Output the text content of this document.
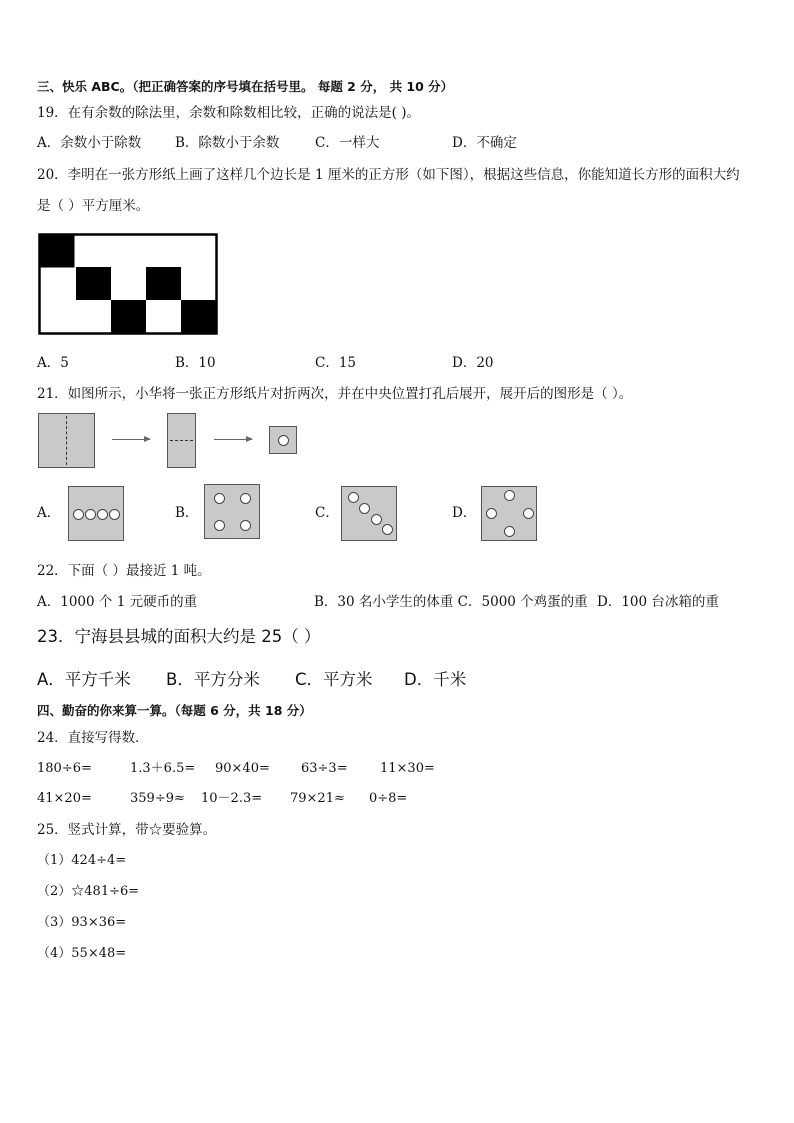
三、快乐 ABC。（把正确答案的序号填在括号里。 每题 2 分， 共 10 分）
19．在有余数的除法里，余数和除数相比较，正确的说法是( )。
A．余数小于除数	B．除数小于余数	C．一样大	D．不确定
20．李明在一张方形纸上画了这样几个边长是 1 厘米的正方形（如下图），根据这些信息，你能知道长方形的面积大约
是（ ）平方厘米。
A．5	B．10	C．15	D．20
21．如图所示，小华将一张正方形纸片对折两次，并在中央位置打孔后展开，展开后的图形是（ ）。
A．	B．	C．	D．
22．下面（ ）最接近 1 吨。
A．1000 个 1 元硬币的重	B．30 名小学生的体重 C．5000 个鸡蛋的重 D．100 台冰箱的重
23．宁海县县城的面积大约是 25（ ）
A．平方千米 B．平方分米 C．平方米 D．千米
四、勤奋的你来算一算。（每题 6 分，共 18 分）
24．直接写得数．
180÷6=	1.3＋6.5= 90×40= 63÷3= 11×30=
41×20=	359÷9≈ 10－2.3= 79×21≈ 0÷8=
25．竖式计算，带☆要验算。
（1）424÷4=
（2）☆481÷6=
（3）93×36=
（4）55×48=
